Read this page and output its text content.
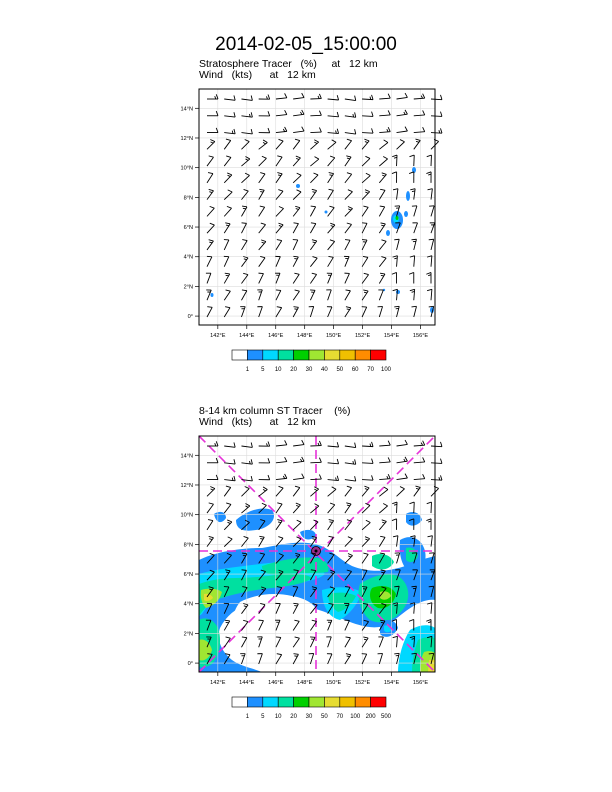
2014-02-05_15:00:00
Stratosphere Tracer   (%)     at   12 km
Wind   (kts)      at   12 km
8-14 km column ST Tracer    (%)
Wind   (kts)      at   12 km
142°E 144°E 146°E 148°E 150°E 152°E 154°E 156°E
0°
2°N
4°N
6°N
8°N
10°N
12°N
14°N
142°E 144°E 146°E 148°E 150°E 152°E 154°E 156°E
0°
2°N
4°N
6°N
8°N
10°N
12°N
14°N
1 5 10 20 30 40 50 60 70 100
1 5 10 20 30 50 70 100 200 500
